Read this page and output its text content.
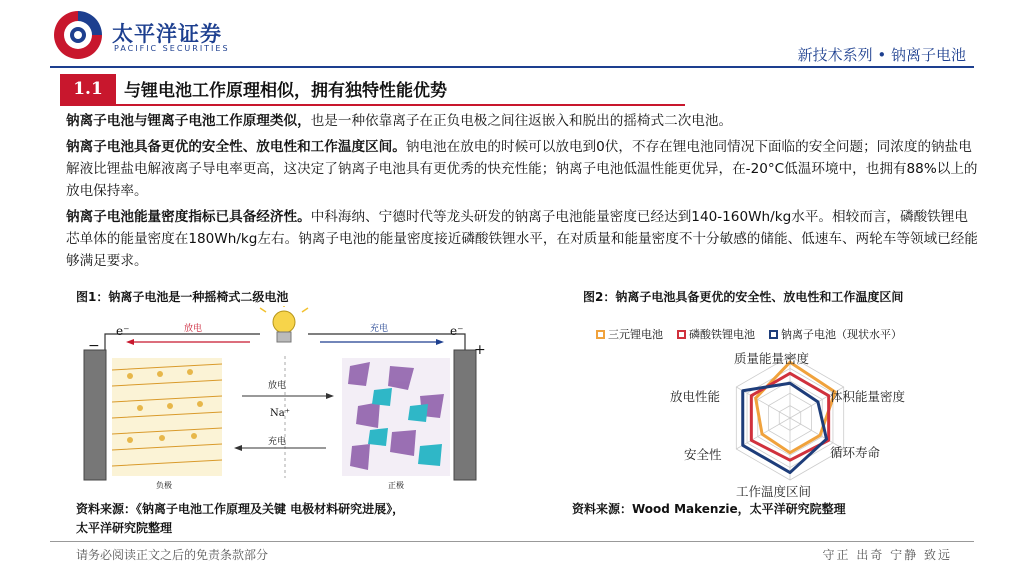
太平洋证券
PACIFIC SECURITIES	新技术系列 • 钠离子电池
1.1	与锂电池工作原理相似，拥有独特性能优势
钠离子电池与锂离子电池工作原理类似，也是一种依靠离子在正负电极之间往返嵌入和脱出的摇椅式二次电池。
钠离子电池具备更优的安全性、放电性和工作温度区间。钠电池在放电的时候可以放电到0伏，不存在锂电池同情况下面临的安全问题；同浓度的钠盐电解液比锂盐电解液离子导电率更高，这决定了钠离子电池具有更优秀的快充性能；钠离子电池低温性能更优异，在-20°C低温环境中，也拥有88%以上的放电保持率。
钠离子电池能量密度指标已具备经济性。中科海纳、宁德时代等龙头研发的钠离子电池能量密度已经达到140-160Wh/kg水平。相较而言，磷酸铁锂电芯单体的能量密度在180Wh/kg左右。钠离子电池的能量密度接近磷酸铁锂水平，在对质量和能量密度不十分敏感的储能、低速车、两轮车等领域已经能够满足要求。
图1：钠离子电池是一种摇椅式二级电池
e⁻	e⁻
放电	充电
−	+
放电
Na⁺
充电
负极	正极
资料来源：《钠离子电池工作原理及关键 电极材料研究进展》，
太平洋研究院整理
图2：钠离子电池具备更优的安全性、放电性和工作温度区间
三元锂电池 磷酸铁锂电池 钠离子电池（现状水平）
质量能量密度
体积能量密度
循环寿命
工作温度区间
安全性
放电性能
资料来源：Wood Makenzie，太平洋研究院整理
请务必阅读正文之后的免责条款部分	守正 出奇 宁静 致远
